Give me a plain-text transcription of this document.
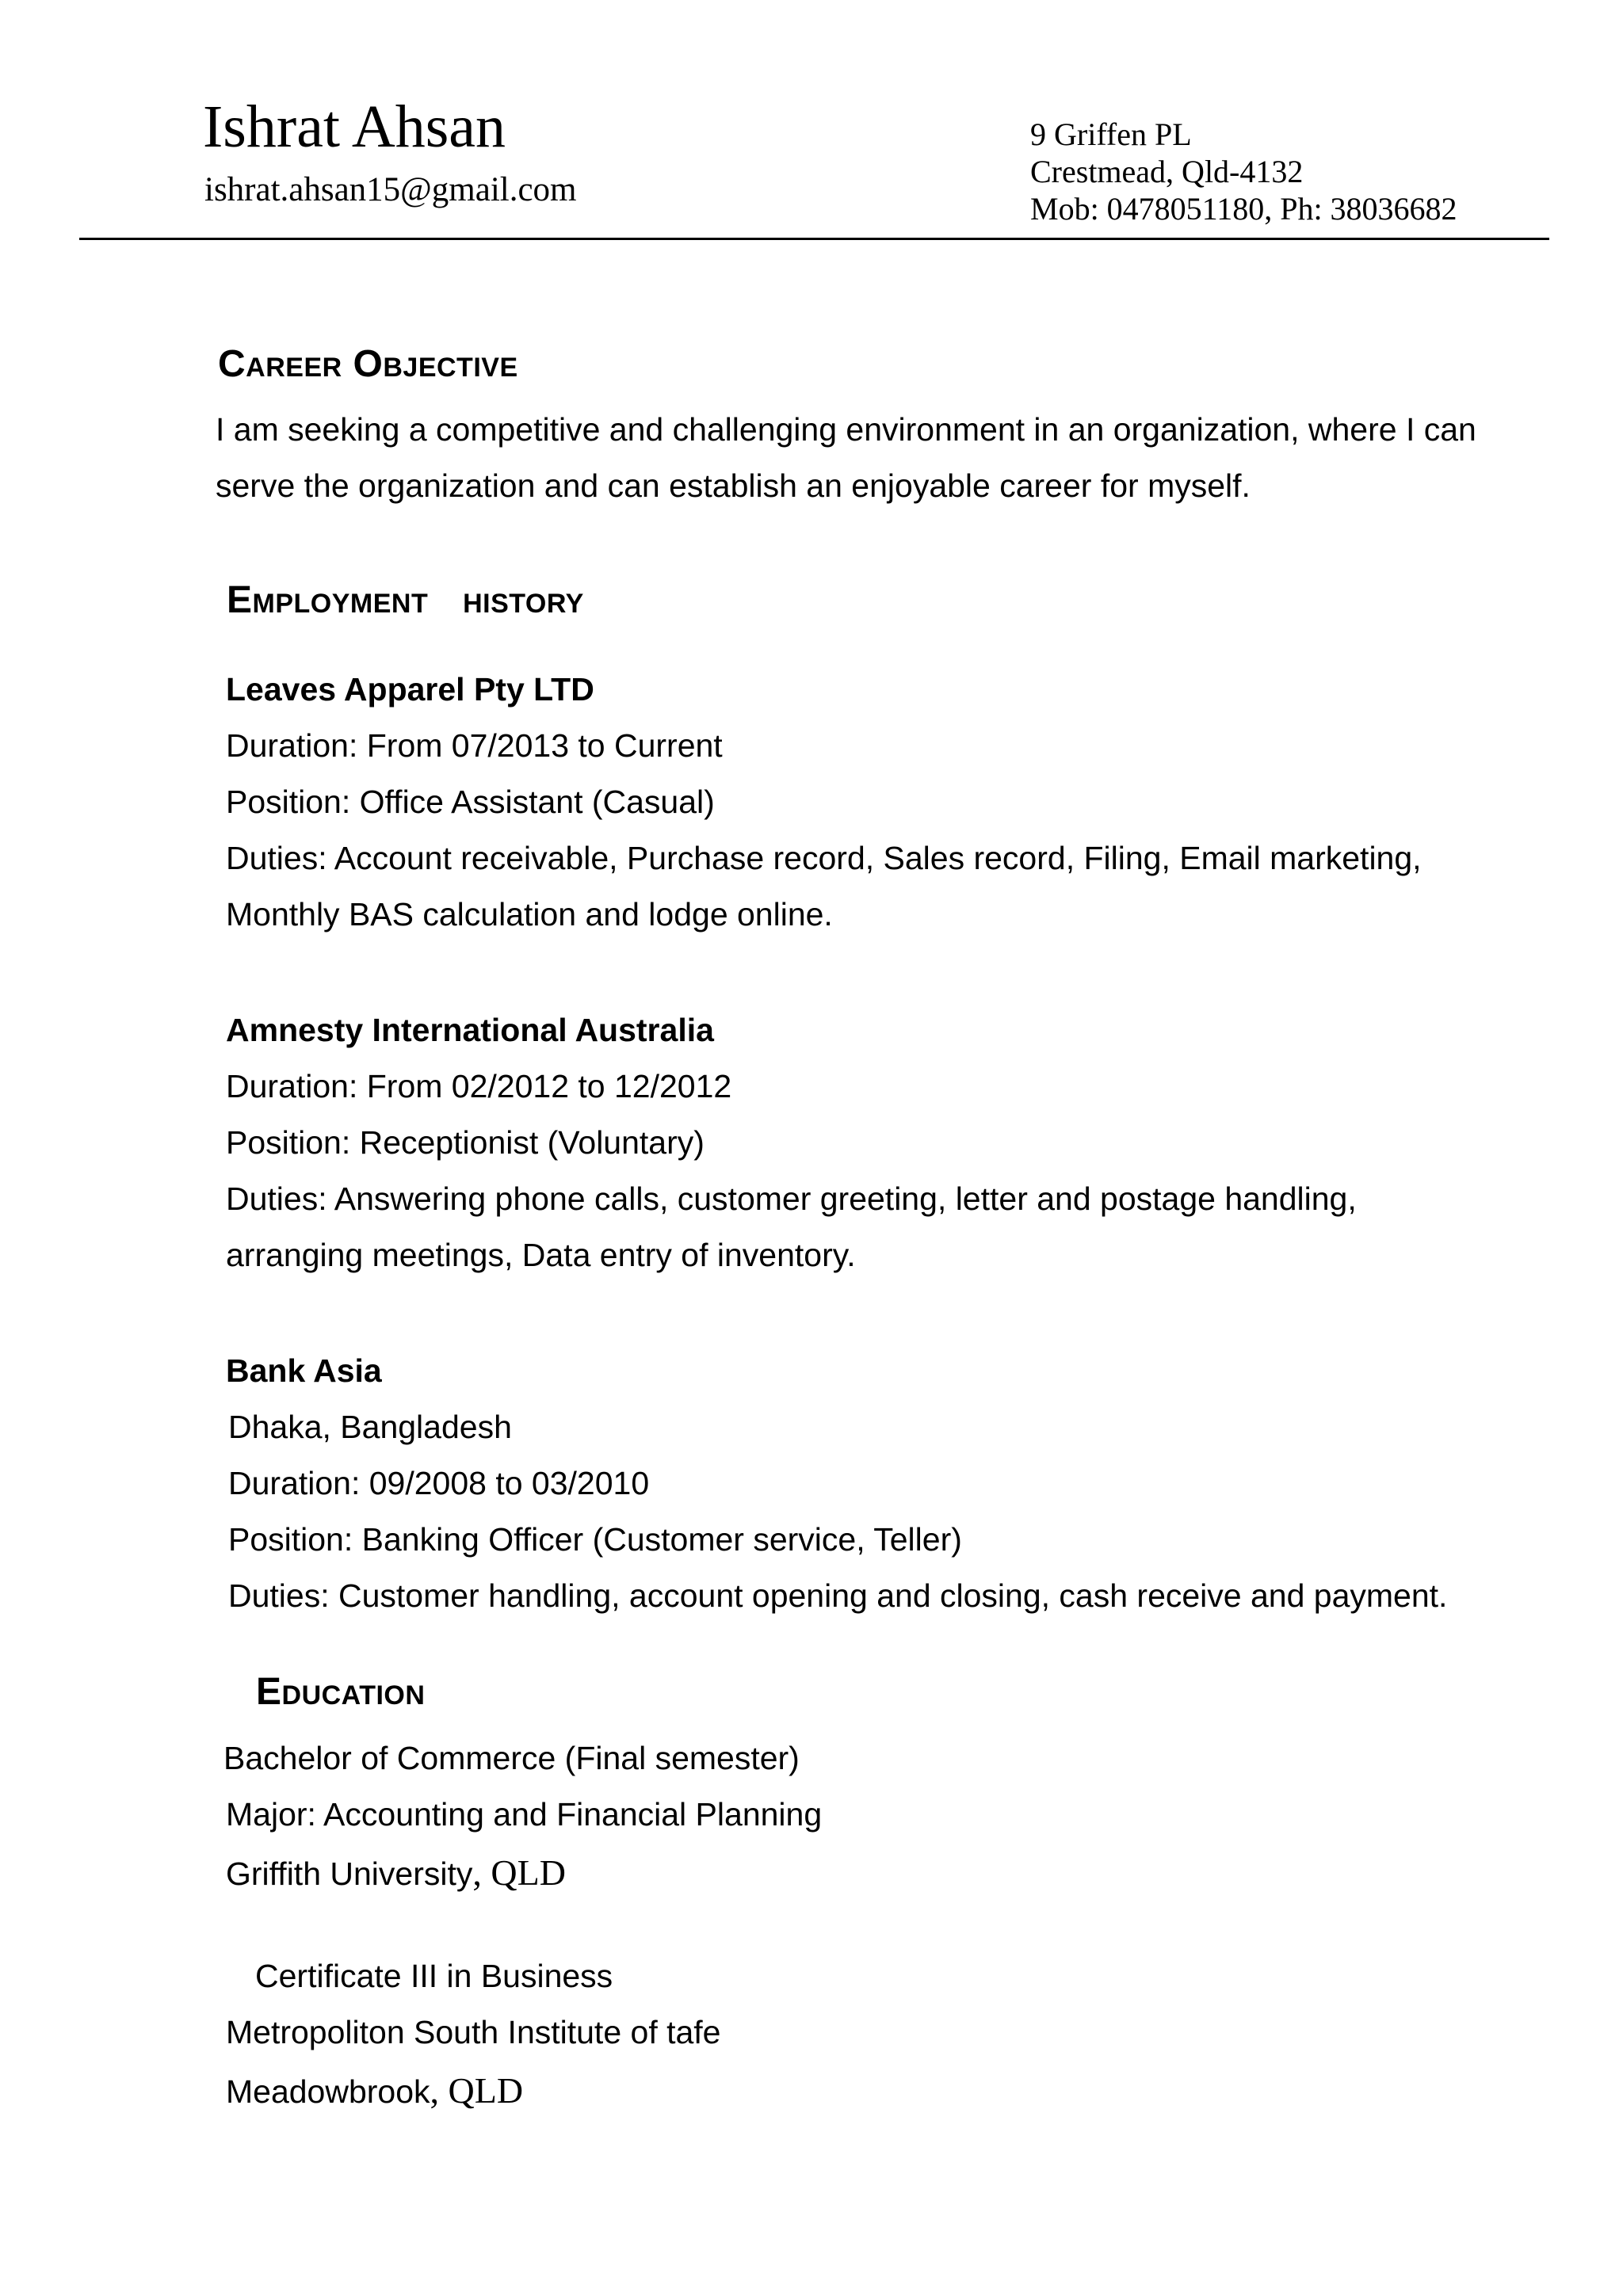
Ishrat Ahsan
ishrat.ahsan15@gmail.com
9 Griffen PL
Crestmead, Qld-4132
Mob: 0478051180, Ph: 38036682
Career Objective
I am seeking a competitive and challenging environment in an organization, where I can
serve the organization and can establish an enjoyable career for myself.
Employment history
Leaves Apparel Pty LTD
Duration: From 07/2013 to Current
Position: Office Assistant (Casual)
Duties: Account receivable, Purchase record, Sales record, Filing, Email marketing,
Monthly BAS calculation and lodge online.
Amnesty International Australia
Duration: From 02/2012 to 12/2012
Position: Receptionist (Voluntary)
Duties: Answering phone calls, customer greeting, letter and postage handling,
arranging meetings, Data entry of inventory.
Bank Asia
Dhaka, Bangladesh
Duration: 09/2008 to 03/2010
Position: Banking Officer (Customer service, Teller)
Duties: Customer handling, account opening and closing, cash receive and payment.
Education
Bachelor of Commerce (Final semester)
Major: Accounting and Financial Planning
Griffith University, QLD
Certificate III in Business
Metropoliton South Institute of tafe
Meadowbrook, QLD
